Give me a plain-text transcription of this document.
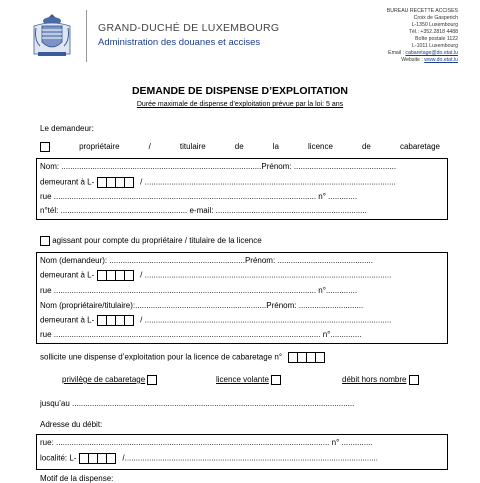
GRAND-DUCHÉ DE LUXEMBOURG
Administration des douanes et accises
BUREAU RECETTE ACCISES
Croix de Gasperich
L-1350 Luxembourg
Tél.: +352.2818 4488
Boîte postale 1122
L-1011 Luxembourg
Email : cabaretage@do.etat.lu
Website : www.do.etat.lu
DEMANDE DE DISPENSE D’EXPLOITATION
Durée maximale de dispense d’exploitation prévue par la loi: 5 ans
Le demandeur:
propriétaire	/	titulaire	de	la	licence	de	cabaretage
Nom: ..........................................................................................Prénom: ..............................................
demeurant à L-	/ .................................................................................................................
rue ...................................................................................................................... n° .............
n°tél: ......................................................... e-mail: ....................................................................
agissant pour compte du propriétaire / titulaire de la licence
Nom (demandeur): .............................................................Prénom: ...........................................
demeurant à L-	/ ...............................................................................................................
rue ...................................................................................................................... n°..............
Nom (propriétaire/titulaire):...........................................................Prénom: .............................
demeurant à L-	/ ...............................................................................................................
rue ........................................................................................................................ n°..............
sollicite une dispense d’exploitation pour la licence de cabaretage n°
privilège de cabaretage	licence volante	débit hors nombre
jusqu’au ...............................................................................................................................
Adresse du débit:
rue: ........................................................................................................................... n° ..............
localité: L-	/..................................................................................................................
Motif de la dispense:
